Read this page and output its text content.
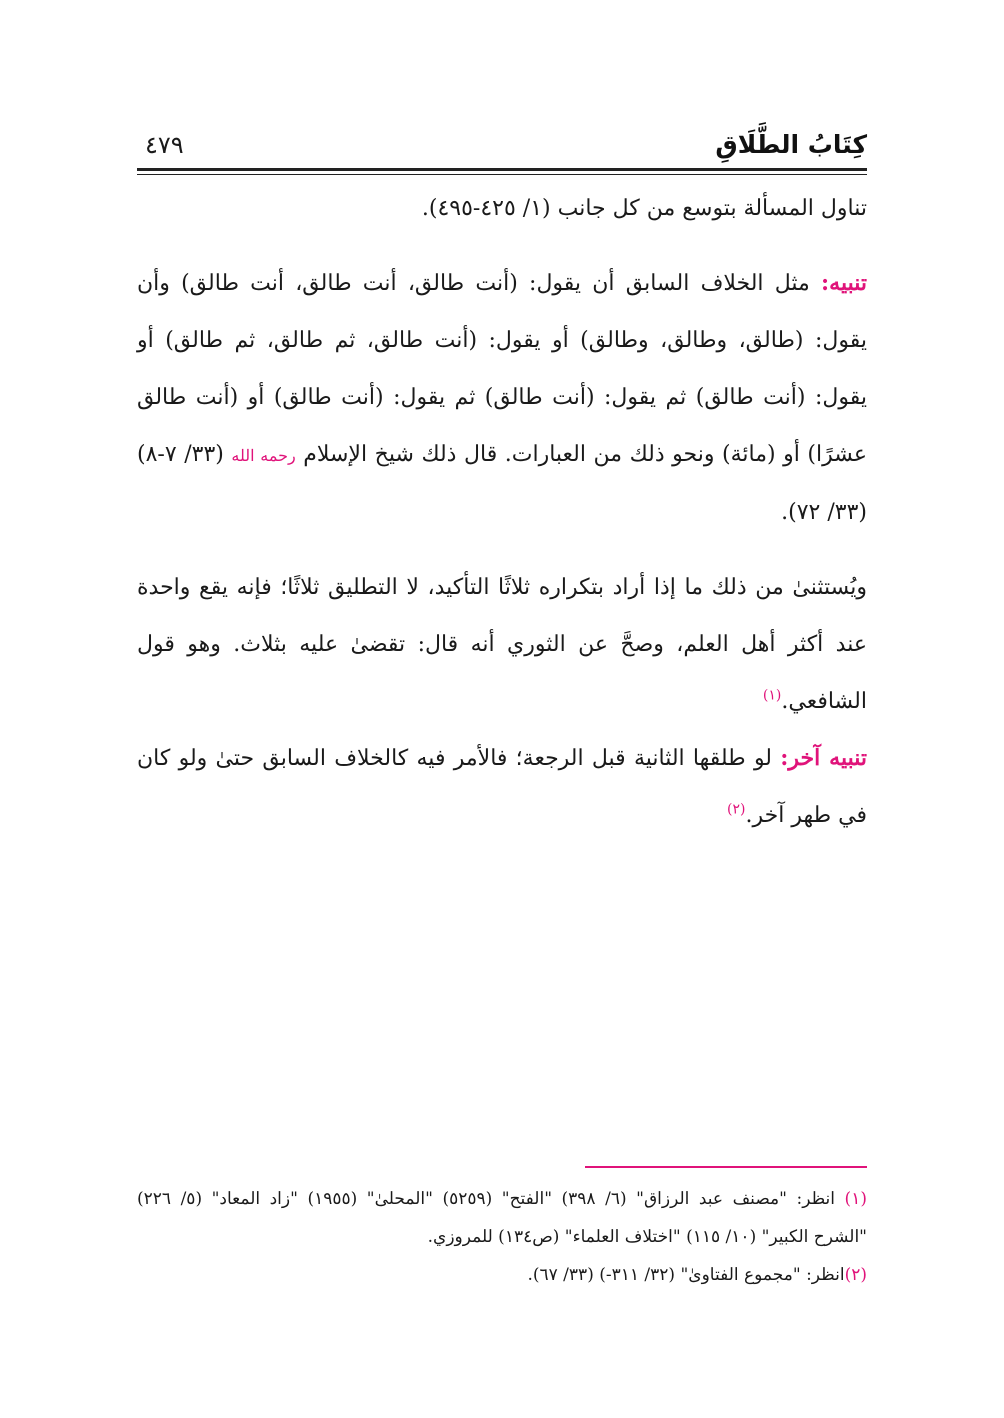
كِتَابُ الطَّلَاقِ
٤٧٩

تناول المسألة بتوسع من كل جانب (١/ ٤٢٥-٤٩٥).

تنبيه: مثل الخلاف السابق أن يقول: (أنت طالق، أنت طالق، أنت طالق) وأن يقول: (طالق، وطالق، وطالق) أو يقول: (أنت طالق، ثم طالق، ثم طالق) أو يقول: (أنت طالق) ثم يقول: (أنت طالق) ثم يقول: (أنت طالق) أو (أنت طالق عشرًا) أو (مائة) ونحو ذلك من العبارات. قال ذلك شيخ الإسلام رحمه الله (٣٣/ ٧-٨) (٣٣/ ٧٢).

ويُستثنىٰ من ذلك ما إذا أراد بتكراره ثلاثًا التأكيد، لا التطليق ثلاثًا؛ فإنه يقع واحدة عند أكثر أهل العلم، وصحَّ عن الثوري أنه قال: تقضىٰ عليه بثلاث. وهو قول الشافعي.$^{(١)}$

تنبيه آخر: لو طلقها الثانية قبل الرجعة؛ فالأمر فيه كالخلاف السابق حتىٰ ولو كان في طهر آخر.$^{(٢)}$

(١) انظر: "مصنف عبد الرزاق" (٦/ ٣٩٨) "الفتح" (٥٢٥٩) "المحلىٰ" (١٩٥٥) "زاد المعاد" (٥/ ٢٢٦) "الشرح الكبير" (١٠/ ١١٥) "اختلاف العلماء" (ص١٣٤) للمروزي.

(٢)انظر: "مجموع الفتاوىٰ" (٣٢/ ٣١١-) (٣٣/ ٦٧).
